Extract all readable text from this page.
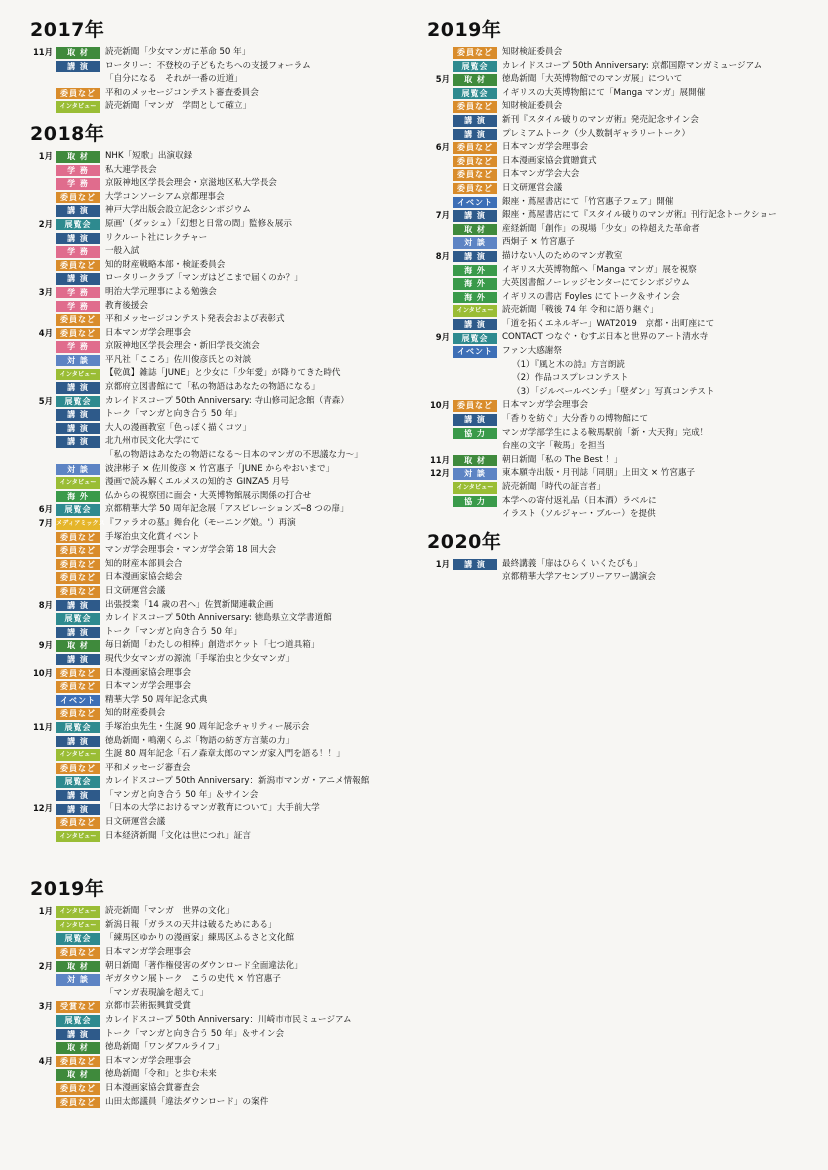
2017年
11月	取 材	読売新聞「少女マンガに革命 50 年」
講 演	ロータリー：不登校の子どもたちへの支援フォーラム
「自分になる　それが一番の近道」
委員など	平和のメッセージコンテスト審査委員会
インタビュー 読売新聞「マンガ　学問として確立」
2018年
1月	取 材	NHK「短歌」出演収録
学 務	私大連学長会
学 務	京阪神地区学長会理会・京滋地区私大学長会
委員など	大学コンソーシアム京都理事会
講 演	神戸大学出版会設立記念シンポジウム
2月	展覧会	原画'（ダッシュ）「幻想と日常の間」監修＆展示
講 演	リクルート社にレクチャー
学 務	一般入試
委員など	知的財産戦略本部・検証委員会
講 演	ロータリークラブ「マンガはどこまで届くのか？」
3月	学 務	明治大学元理事による勉強会
学 務	教育後援会
委員など	平和メッセージコンテスト発表会および表彰式
4月 委員など	日本マンガ学会理事会
学 務	京阪神地区学長会理会・新旧学長交流会
対 談	平凡社「こころ」佐川俊彦氏との対談
インタビュー 【乾眞】雑誌「JUNE」と少女に「少年愛」が降りてきた時代
講 演	京都府立図書館にて「私の物語はあなたの物語になる」
5月	展覧会	カレイドスコープ 50th Anniversary: 寺山修司記念館（青森）
講 演	トーク「マンガと向き合う 50 年」
講 演	大人の漫画教室「色っぽく描くコツ」
講 演	北九州市民文化大学にて
「私の物語はあなたの物語になる〜日本のマンガの不思議な力〜」
対 談	波津彬子 × 佐川俊彦 × 竹宮惠子「JUNE からやおいまで」
インタビュー 漫画で読み解くエルメスの知的さ GINZA5 月号
海 外	仏からの視察団に面会・大英博物館展示関係の打合せ
6月	展覧会	京都精華大学 50 周年記念展「アスピレーションズ─8 つの扉」
7月 メディアミックス 『ファラオの墓』舞台化（モーニング娘。'）再演
委員など	手塚治虫文化賞イベント
委員など	マンガ学会理事会・マンガ学会第 18 回大会
委員など	知的財産本部員会合
委員など	日本漫画家協会総会
委員など	日文研運営会議
8月	講 演	出張授業「14 歳の君へ」佐賀新聞連載企画
展覧会	カレイドスコープ 50th Anniversary: 徳島県立文学書道館
講 演	トーク「マンガと向き合う 50 年」
9月	取 材	毎日新聞「わたしの相棒」創造ポケット「七つ道具箱」
講 演	現代少女マンガの源流「手塚治虫と少女マンガ」
10月 委員など	日本漫画家協会理事会
委員など	日本マンガ学会理事会
イベント	精華大学 50 周年記念式典
委員など	知的財産委員会
11月	展覧会	手塚治虫先生・生誕 90 周年記念チャリティー展示会
講 演	徳島新聞・鳴潮くらぶ「物語の紡ぎ方言葉の力」
インタビュー 生誕 80 周年記念「石ノ森章太郎のマンガ家入門を語る！！」
委員など	平和メッセージ審査会
展覧会	カレイドスコープ 50th Anniversary：新潟市マンガ・アニメ情報館
講 演	「マンガと向き合う 50 年」＆サイン会
12月	講 演	「日本の大学におけるマンガ教育について」大手前大学
委員など	日文研運営会議
インタビュー 日本経済新聞「文化は世につれ」証言
2019年
1月	インタビュー 読売新聞「マンガ　世界の文化」
インタビュー 新潟日報「ガラスの天井は破るためにある」
展覧会	「練馬区ゆかりの漫画家」練馬区ふるさと文化館
委員など	日本マンガ学会理事会
2月	取 材	朝日新聞「著作権侵害のダウンロード全面違法化」
対 談	ギガタウン展トーク　こうの史代 × 竹宮惠子
「マンガ表現論を超えて」
3月 受賞など	京都市芸術振興賞受賞
展覧会	カレイドスコープ 50th Anniversary：川崎市市民ミュージアム
講 演	トーク「マンガと向き合う 50 年」＆サイン会
取 材	徳島新聞「ワンダフルライフ」
4月 委員など	日本マンガ学会理事会
取 材	徳島新聞「令和」と歩む未来
委員など	日本漫画家協会賞審査会
委員など	山田太郎議員「違法ダウンロード」の案件
2019年
委員など	知財検証委員会
展覧会	カレイドスコープ 50th Anniversary: 京都国際マンガミュージアム
5月	取 材	徳島新聞「大英博物館でのマンガ展」について
展覧会	イギリスの大英博物館にて「Manga マンガ」展開催
委員など	知財検証委員会
講 演	新刊『スタイル破りのマンガ術』発売記念サイン会
講 演	プレミアムトーク（少人数制ギャラリートーク）
6月 委員など	日本マンガ学会理事会
委員など	日本漫画家協会賞贈賞式
委員など	日本マンガ学会大会
委員など	日文研運営会議
イベント	銀座・蔦屋書店にて「竹宮惠子フェア」開催
7月	講 演	銀座・蔦屋書店にて『スタイル破りのマンガ術』刊行記念トークショー
取 材	産経新聞「創作」の現場「少女」の枠超えた革命者
対 談	西炯子 × 竹宮惠子
8月	講 演	描けない人のためのマンガ教室
海 外	イギリス大英博物館へ「Manga マンガ」展を視察
海 外	大英図書館ノーレッジセンターにてシンポジウム
海 外	イギリスの書店 Foyles にてトーク＆サイン会
インタビュー 読売新聞「戦後 74 年 令和に語り継ぐ」
講 演	「道を拓くエネルギー」WAT2019　京都・出町座にて
9月	展覧会	CONTACT つなぐ・むすぶ日本と世界のアート清水寺
イベント	ファン大感謝祭
（1）『風と木の詩』方言朗読
（2）作品コスプレコンテスト
（3）「ジルベールベンチ」「壁ダン」写真コンテスト
10月 委員など	日本マンガ学会理事会
講 演	「香りを紡ぐ」大分香りの博物館にて
協 力	マンガ学部学生による鞍馬駅前「新・大天狗」完成！
台座の文字「鞍馬」を担当
11月	取 材	朝日新聞「私の The Best ！」
12月	対 談	東本願寺出版・月刊誌「同朋」上田文 × 竹宮惠子
インタビュー 読売新聞「時代の証言者」
協 力	本学への寄付返礼品（日本酒）ラベルに
イラスト（ソルジャー・ブルー）を提供
2020年
1月	講 演	最終講義「扉はひらく いくたびも」
京都精華大学アセンブリーアワー講演会
